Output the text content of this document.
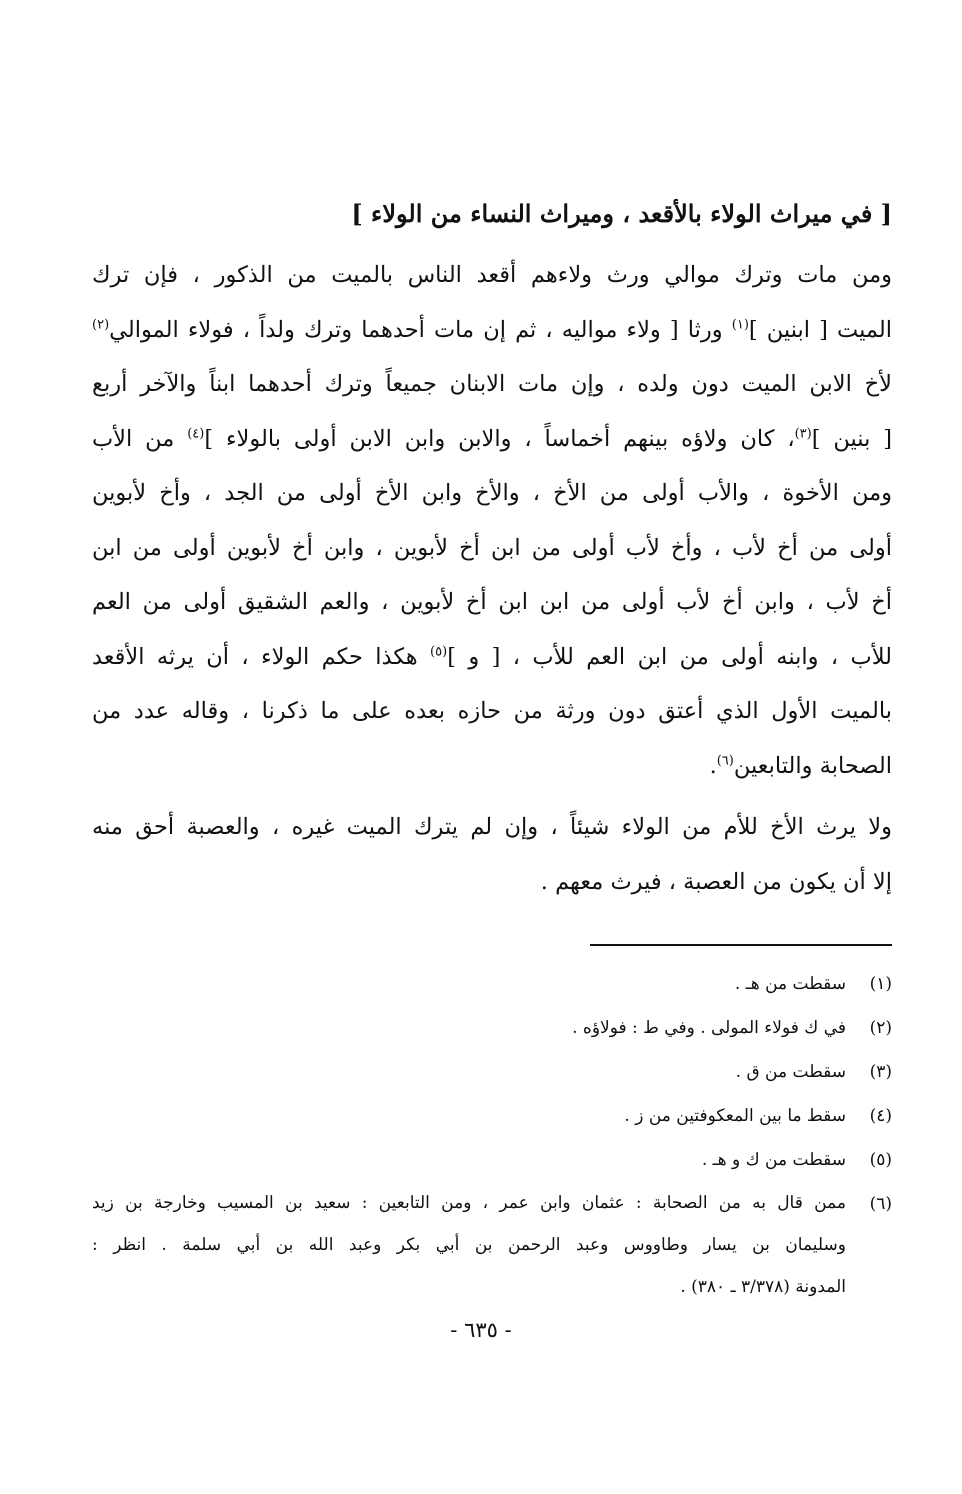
[ في ميراث الولاء بالأقعد ، وميراث النساء من الولاء ]
ومن مات وترك موالي ورث ولاءهم أقعد الناس بالميت من الذكور ، فإن ترك
الميت [ ابنين ]$^{(١)}$ ورثا [ ولاء مواليه ، ثم إن مات أحدهما وترك ولداً ، فولاء الموالي$^{(٢)}$
لأخ الابن الميت دون ولده ، وإن مات الابنان جميعاً وترك أحدهما ابناً والآخر أربع
[ بنين ]$^{(٣)}$، كان ولاؤه بينهم أخماساً ، والابن وابن الابن أولى بالولاء ]$^{(٤)}$ من الأب
ومن الأخوة ، والأب أولى من الأخ ، والأخ وابن الأخ أولى من الجد ، وأخ لأبوين
أولى من أخ لأب ، وأخ لأب أولى من ابن أخ لأبوين ، وابن أخ لأبوين أولى من ابن
أخ لأب ، وابن أخ لأب أولى من ابن ابن أخ لأبوين ، والعم الشقيق أولى من العم
للأب ، وابنه أولى من ابن العم للأب ، [ و ]$^{(٥)}$ هكذا حكم الولاء ، أن يرثه الأقعد
بالميت الأول الذي أعتق دون ورثة من حازه بعده على ما ذكرنا ، وقاله عدد من
الصحابة والتابعين$^{(٦)}$.
ولا يرث الأخ للأم من الولاء شيئاً ، وإن لم يترك الميت غيره ، والعصبة أحق منه
إلا أن يكون من العصبة ، فيرث معهم .
(١)
سقطت من هـ .
(٢)
في ك فولاء المولى . وفي ط : فولاؤه .
(٣)
سقطت من ق .
(٤)
سقط ما بين المعكوفتين من ز .
(٥)
سقطت من ك و هـ .
(٦)
ممن قال به من الصحابة : عثمان وابن عمر ، ومن التابعين : سعيد بن المسيب وخارجة بن زيد
وسليمان بن يسار وطاووس وعبد الرحمن بن أبي بكر وعبد الله بن أبي سلمة . انظر :
المدونة (٣/٣٧٨ ـ ٣٨٠) .
- ٦٣٥ -
